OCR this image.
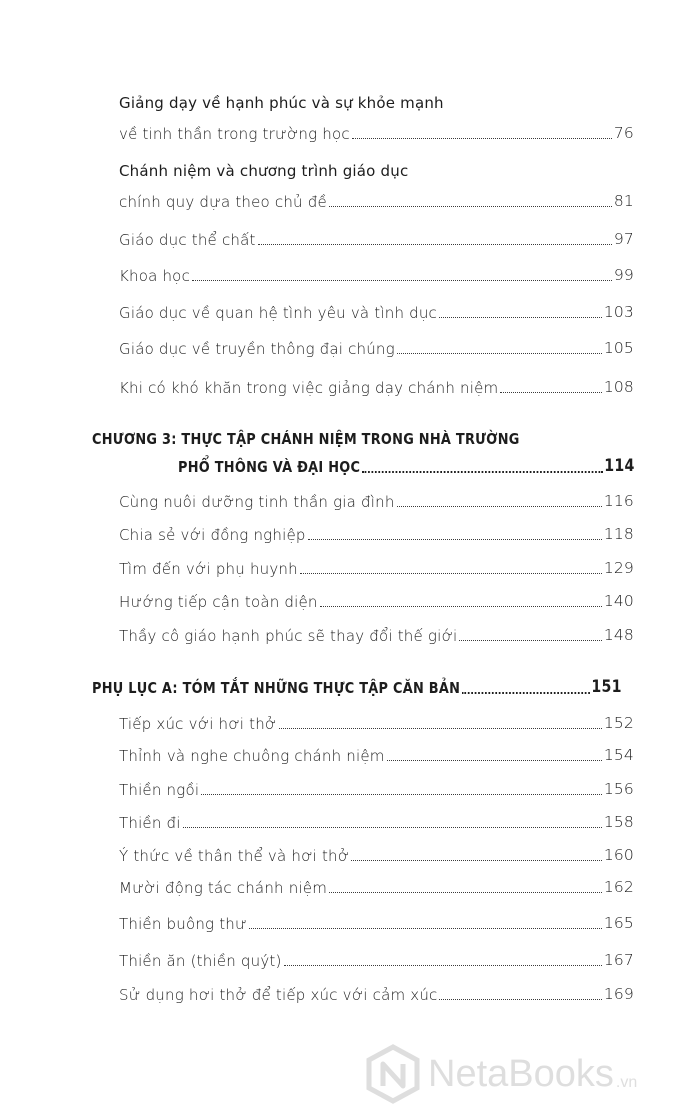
Giảng dạy về hạnh phúc và sự khỏe mạnh
về tinh thần trong trường học	76
Chánh niệm và chương trình giáo dục
chính quy dựa theo chủ đề	81
Giáo dục thể chất	97
Khoa học	99
Giáo dục về quan hệ tình yêu và tình dục	103
Giáo dục về truyền thông đại chúng	105
Khi có khó khăn trong việc giảng dạy chánh niệm	108
CHƯƠNG 3: THỰC TẬP CHÁNH NIỆM TRONG NHÀ TRƯỜNG
PHỔ THÔNG VÀ ĐẠI HỌC	114
Cùng nuôi dưỡng tinh thần gia đình	116
Chia sẻ với đồng nghiệp	118
Tìm đến với phụ huynh	129
Hướng tiếp cận toàn diện	140
Thầy cô giáo hạnh phúc sẽ thay đổi thế giới	148
PHỤ LỤC A: TÓM TẮT NHỮNG THỰC TẬP CĂN BẢN	151
Tiếp xúc với hơi thở	152
Thỉnh và nghe chuông chánh niệm	154
Thiền ngồi	156
Thiền đi	158
Ý thức về thân thể và hơi thở	160
Mười động tác chánh niệm	162
Thiền buông thư	165
Thiền ăn (thiền quýt)	167
Sử dụng hơi thở để tiếp xúc với cảm xúc	169
NetaBooks .vn
